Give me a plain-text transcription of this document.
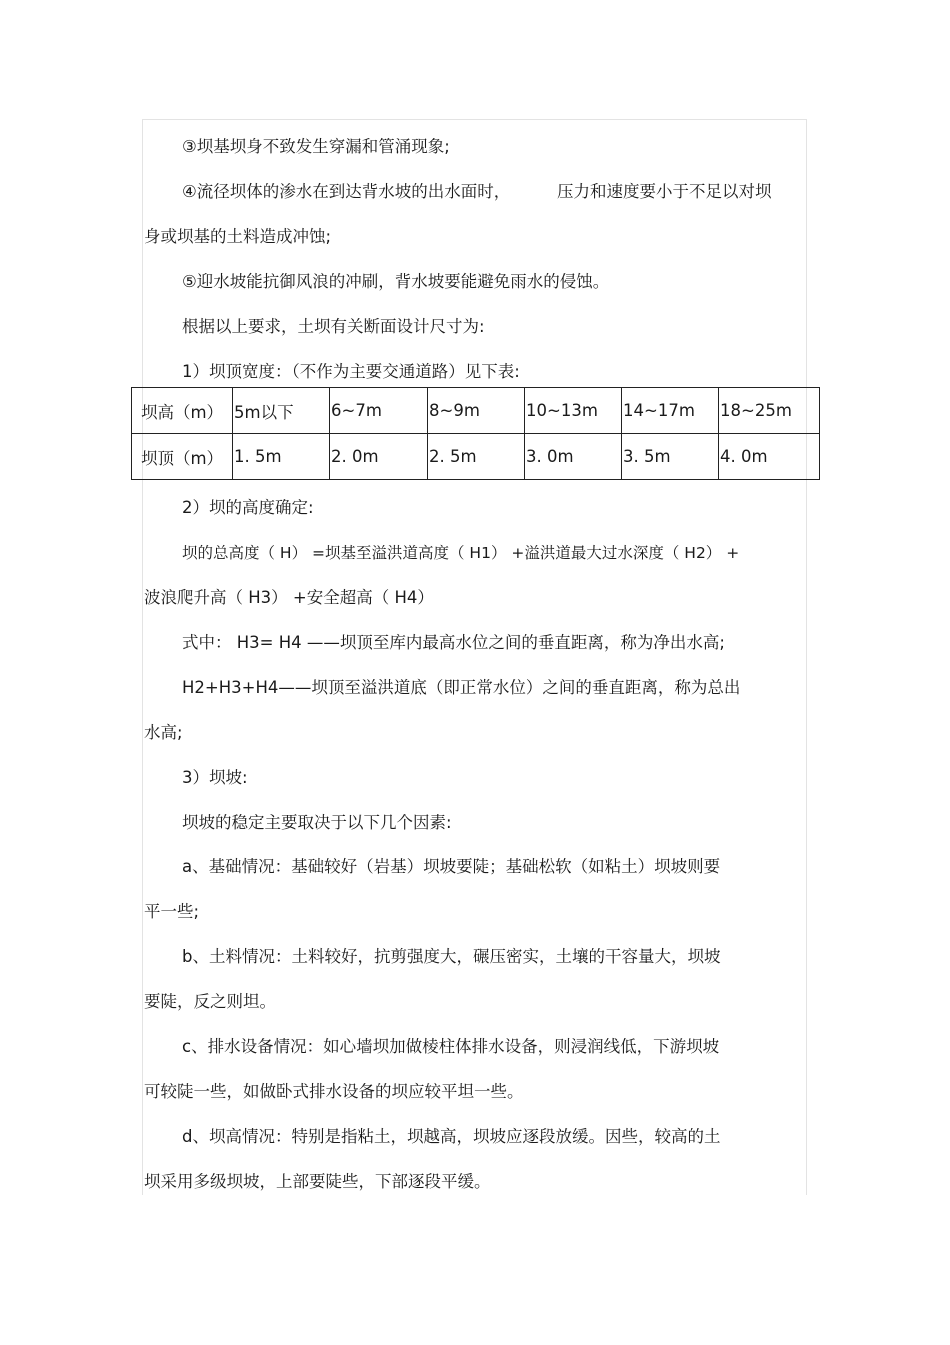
③坝基坝身不致发生穿漏和管涌现象;
④流径坝体的渗水在到达背水坡的出水面时，	压力和速度要小于不足以对坝
身或坝基的土料造成冲蚀;
⑤迎水坡能抗御风浪的冲刷，背水坡要能避免雨水的侵蚀。
根据以上要求，土坝有关断面设计尺寸为:
1）坝顶宽度：（不作为主要交通道路）见下表:
坝高（m）	5m以下	6~7m	8~9m	10~13m	14~17m	18~25m
坝顶（m）	1. 5m	2. 0m	2. 5m	3. 0m	3. 5m	4. 0m
2）坝的高度确定:
坝的总高度（ H） =坝基至溢洪道高度（ H1） +溢洪道最大过水深度（ H2） +
波浪爬升高（ H3） +安全超高（ H4）
式中： H3= H4 ——坝顶至库内最高水位之间的垂直距离，称为净出水高;
H2+H3+H4——坝顶至溢洪道底（即正常水位）之间的垂直距离，称为总出
水高;
3）坝坡:
坝坡的稳定主要取决于以下几个因素:
a、基础情况：基础较好（岩基）坝坡要陡；基础松软（如粘土）坝坡则要
平一些;
b、土料情况：土料较好，抗剪强度大，碾压密实，土壤的干容量大，坝坡
要陡，反之则坦。
c、排水设备情况：如心墙坝加做棱柱体排水设备，则浸润线低，下游坝坡
可较陡一些，如做卧式排水设备的坝应较平坦一些。
d、坝高情况：特别是指粘土，坝越高，坝坡应逐段放缓。因些，较高的土
坝采用多级坝坡，上部要陡些，下部逐段平缓。
